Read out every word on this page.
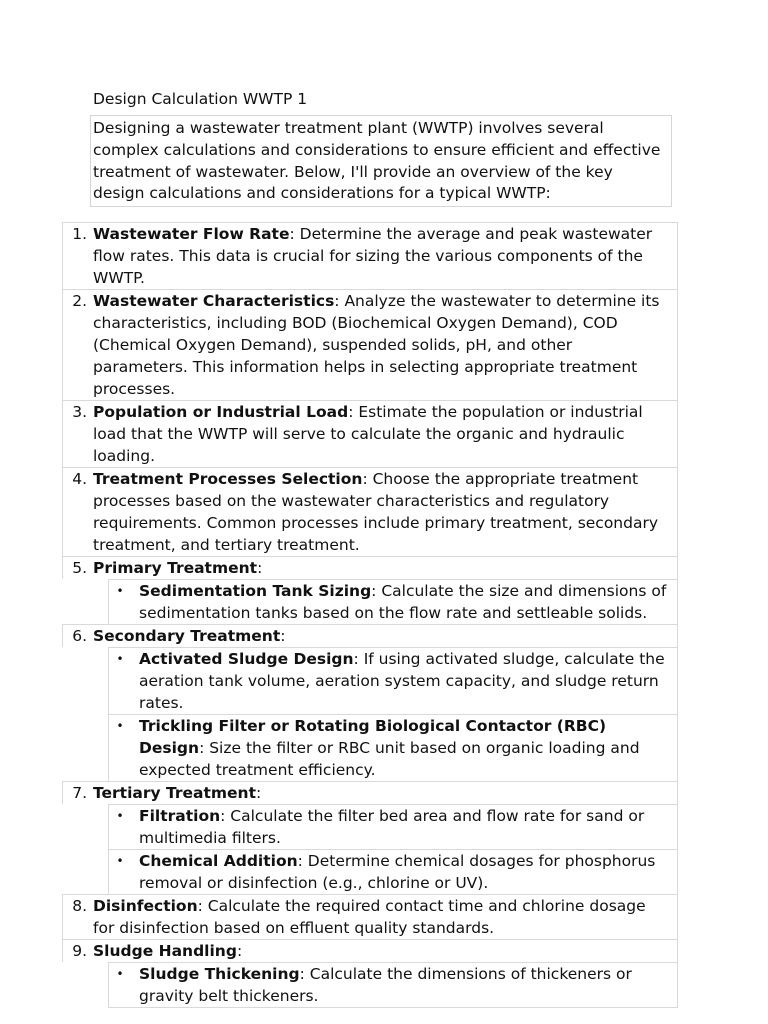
Design Calculation WWTP 1
Designing a wastewater treatment plant (WWTP) involves several complex calculations and considerations to ensure efficient and effective treatment of wastewater. Below, I'll provide an overview of the key design calculations and considerations for a typical WWTP:
1. Wastewater Flow Rate: Determine the average and peak wastewater flow rates. This data is crucial for sizing the various components of the WWTP.
2. Wastewater Characteristics: Analyze the wastewater to determine its characteristics, including BOD (Biochemical Oxygen Demand), COD (Chemical Oxygen Demand), suspended solids, pH, and other parameters. This information helps in selecting appropriate treatment processes.
3. Population or Industrial Load: Estimate the population or industrial load that the WWTP will serve to calculate the organic and hydraulic loading.
4. Treatment Processes Selection: Choose the appropriate treatment processes based on the wastewater characteristics and regulatory requirements. Common processes include primary treatment, secondary treatment, and tertiary treatment.
5. Primary Treatment:
• Sedimentation Tank Sizing: Calculate the size and dimensions of sedimentation tanks based on the flow rate and settleable solids.
6. Secondary Treatment:
• Activated Sludge Design: If using activated sludge, calculate the aeration tank volume, aeration system capacity, and sludge return rates.
• Trickling Filter or Rotating Biological Contactor (RBC) Design: Size the filter or RBC unit based on organic loading and expected treatment efficiency.
7. Tertiary Treatment:
• Filtration: Calculate the filter bed area and flow rate for sand or multimedia filters.
• Chemical Addition: Determine chemical dosages for phosphorus removal or disinfection (e.g., chlorine or UV).
8. Disinfection: Calculate the required contact time and chlorine dosage for disinfection based on effluent quality standards.
9. Sludge Handling:
• Sludge Thickening: Calculate the dimensions of thickeners or gravity belt thickeners.
